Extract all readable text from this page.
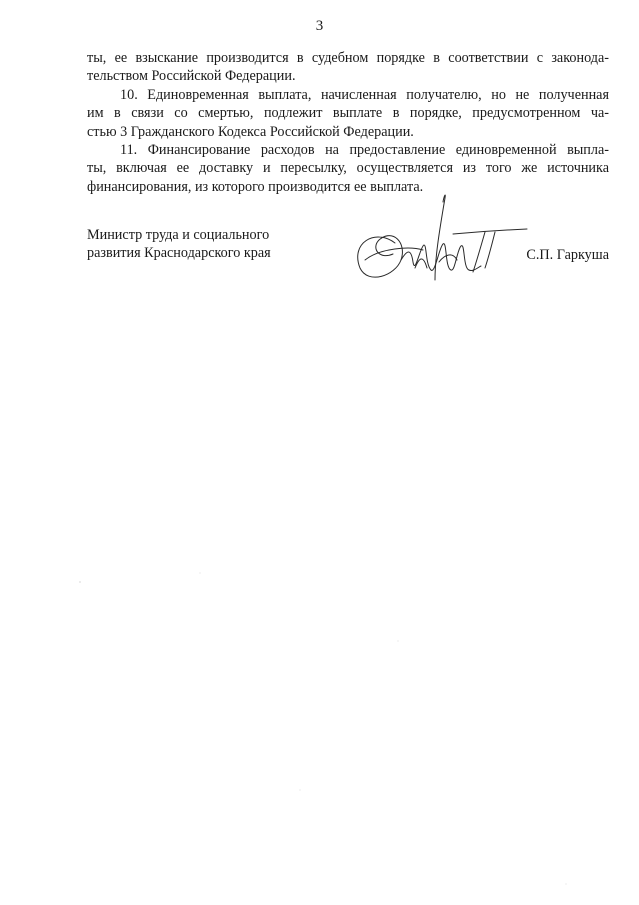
3

ты, ее взыскание производится в судебном порядке в соответствии с законода-
тельством Российской Федерации.

10. Единовременная выплата, начисленная получателю, но не полученная
им в связи со смертью, подлежит выплате в порядке, предусмотренном ча-
стью 3 Гражданского Кодекса Российской Федерации.

11. Финансирование расходов на предоставление единовременной выпла-
ты, включая ее доставку и пересылку, осуществляется из того же источника
финансирования, из которого производится ее выплата.

Министр труда и социального
развития Краснодарского края	С.П. Гаркуша
